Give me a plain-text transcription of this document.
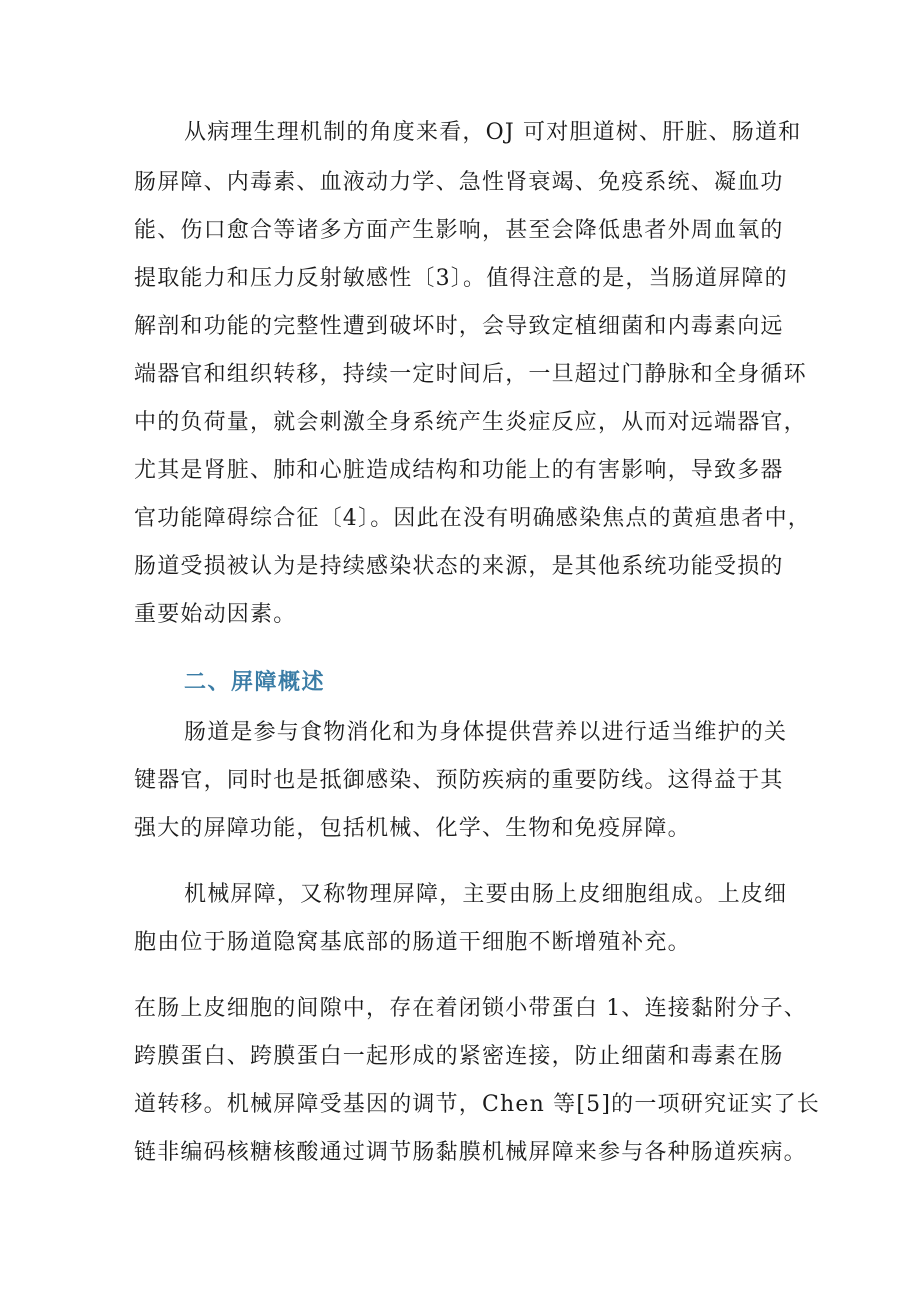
从病理生理机制的角度来看，OJ 可对胆道树、肝脏、肠道和
肠屏障、内毒素、血液动力学、急性肾衰竭、免疫系统、凝血功
能、伤口愈合等诸多方面产生影响，甚至会降低患者外周血氧的
提取能力和压力反射敏感性〔3〕。值得注意的是，当肠道屏障的
解剖和功能的完整性遭到破坏时，会导致定植细菌和内毒素向远
端器官和组织转移，持续一定时间后，一旦超过门静脉和全身循环
中的负荷量，就会刺激全身系统产生炎症反应，从而对远端器官，
尤其是肾脏、肺和心脏造成结构和功能上的有害影响，导致多器
官功能障碍综合征〔4〕。因此在没有明确感染焦点的黄疸患者中，
肠道受损被认为是持续感染状态的来源，是其他系统功能受损的
重要始动因素。
二、屏障概述
肠道是参与食物消化和为身体提供营养以进行适当维护的关
键器官，同时也是抵御感染、预防疾病的重要防线。这得益于其
强大的屏障功能，包括机械、化学、生物和免疫屏障。
机械屏障，又称物理屏障，主要由肠上皮细胞组成。上皮细
胞由位于肠道隐窝基底部的肠道干细胞不断增殖补充。
在肠上皮细胞的间隙中，存在着闭锁小带蛋白 1、连接黏附分子、
跨膜蛋白、跨膜蛋白一起形成的紧密连接，防止细菌和毒素在肠
道转移。机械屏障受基因的调节，Chen 等[5]的一项研究证实了长
链非编码核糖核酸通过调节肠黏膜机械屏障来参与各种肠道疾病。
